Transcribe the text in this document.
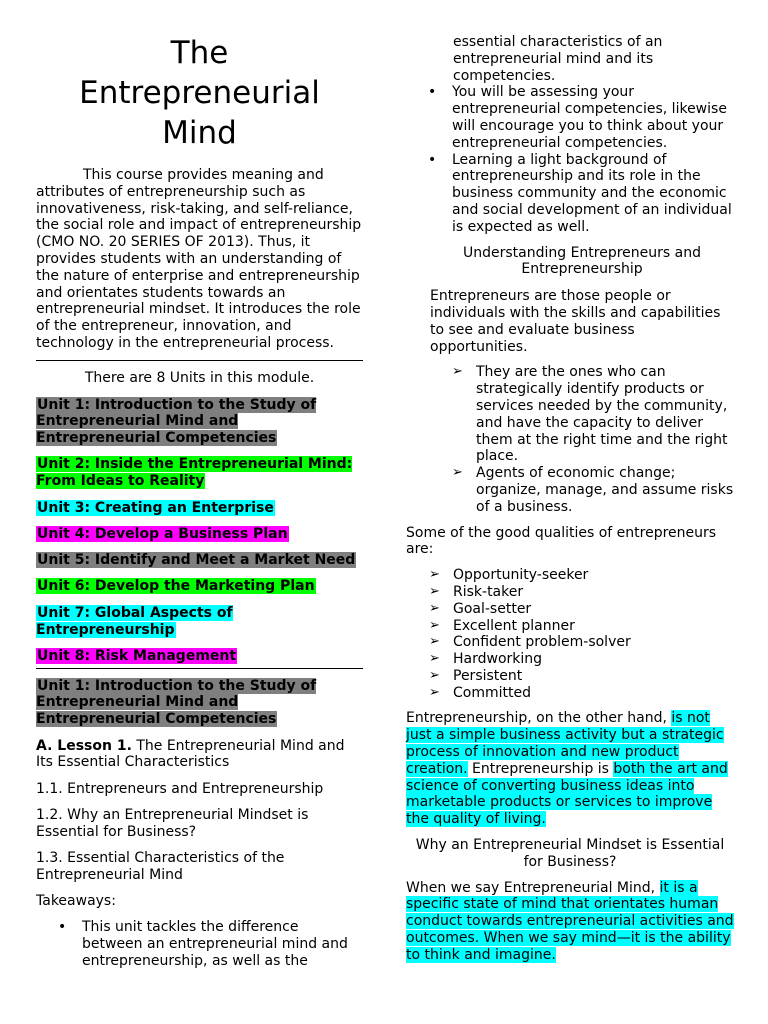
The
Entrepreneurial
Mind

This course provides meaning and attributes of entrepreneurship such as innovativeness, risk-taking, and self-reliance, the social role and impact of entrepreneurship (CMO NO. 20 SERIES OF 2013). Thus, it provides students with an understanding of the nature of enterprise and entrepreneurship and orientates students towards an entrepreneurial mindset. It introduces the role of the entrepreneur, innovation, and technology in the entrepreneurial process.

There are 8 Units in this module.
Unit 1: Introduction to the Study of Entrepreneurial Mind and Entrepreneurial Competencies
Unit 2: Inside the Entrepreneurial Mind: From Ideas to Reality
Unit 3: Creating an Enterprise
Unit 4: Develop a Business Plan
Unit 5: Identify and Meet a Market Need
Unit 6: Develop the Marketing Plan
Unit 7: Global Aspects of Entrepreneurship
Unit 8: Risk Management
Unit 1: Introduction to the Study of Entrepreneurial Mind and Entrepreneurial Competencies
A. Lesson 1. The Entrepreneurial Mind and Its Essential Characteristics
1.1. Entrepreneurs and Entrepreneurship
1.2. Why an Entrepreneurial Mindset is Essential for Business?
1.3. Essential Characteristics of the Entrepreneurial Mind
Takeaways:
• This unit tackles the difference between an entrepreneurial mind and entrepreneurship, as well as the
essential characteristics of an entrepreneurial mind and its competencies.
• You will be assessing your entrepreneurial competencies, likewise will encourage you to think about your entrepreneurial competencies.
• Learning a light background of entrepreneurship and its role in the business community and the economic and social development of an individual is expected as well.
Understanding Entrepreneurs and Entrepreneurship
Entrepreneurs are those people or individuals with the skills and capabilities to see and evaluate business opportunities.
➢ They are the ones who can strategically identify products or services needed by the community, and have the capacity to deliver them at the right time and the right place.
➢ Agents of economic change; organize, manage, and assume risks of a business.
Some of the good qualities of entrepreneurs are:
➢ Opportunity-seeker
➢ Risk-taker
➢ Goal-setter
➢ Excellent planner
➢ Confident problem-solver
➢ Hardworking
➢ Persistent
➢ Committed
Entrepreneurship, on the other hand, is not just a simple business activity but a strategic process of innovation and new product creation. Entrepreneurship is both the art and science of converting business ideas into marketable products or services to improve the quality of living.
Why an Entrepreneurial Mindset is Essential for Business?
When we say Entrepreneurial Mind, it is a specific state of mind that orientates human conduct towards entrepreneurial activities and outcomes. When we say mind—it is the ability to think and imagine.
